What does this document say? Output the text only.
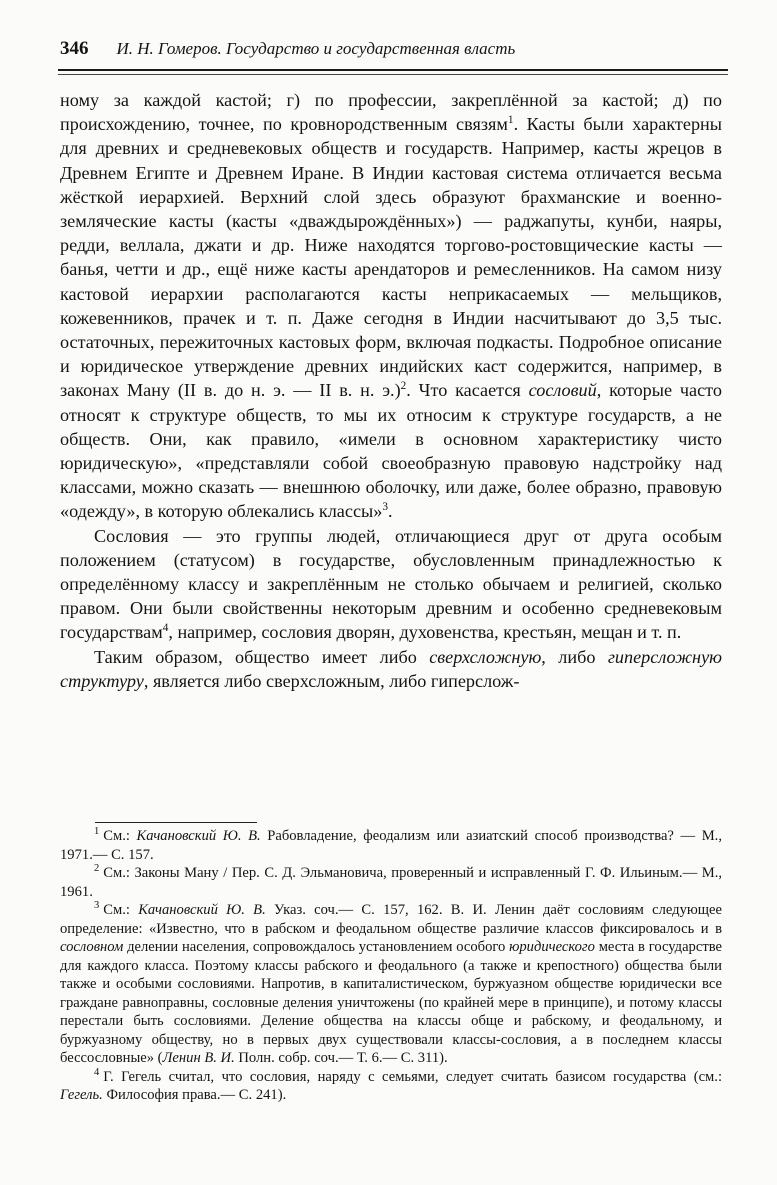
346 И. Н. Гомеров. Государство и государственная власть

ному за каждой кастой; г) по профессии, закреплённой за кастой; д) по происхождению, точнее, по кровнородственным связям$^1$. Касты были характерны для древних и средневековых обществ и государств. Например, касты жрецов в Древнем Египте и Древнем Иране. В Индии кастовая система отличается весьма жёсткой иерархией. Верхний слой здесь образуют брахманские и военно-земляческие касты (касты «дваждырождённых») — раджапуты, кунби, наяры, редди, веллала, джати и др. Ниже находятся торгово-ростовщические касты — банья, четти и др., ещё ниже касты арендаторов и ремесленников. На самом низу кастовой иерархии располагаются касты неприкасаемых — мельщиков, кожевенников, прачек и т. п. Даже сегодня в Индии насчитывают до 3,5 тыс. остаточных, пережиточных кастовых форм, включая подкасты. Подробное описание и юридическое утверждение древних индийских каст содержится, например, в законах Ману (II в. до н. э. — II в. н. э.)$^2$. Что касается сословий, которые часто относят к структуре обществ, то мы их относим к структуре государств, а не обществ. Они, как правило, «имели в основном характеристику чисто юридическую», «представляли собой своеобразную правовую надстройку над классами, можно сказать — внешнюю оболочку, или даже, более образно, правовую «одежду», в которую облекались классы»$^3$.

Сословия — это группы людей, отличающиеся друг от друга особым положением (статусом) в государстве, обусловленным принадлежностью к определённому классу и закреплённым не столько обычаем и религией, сколько правом. Они были свойственны некоторым древним и особенно средневековым государствам$^4$, например, сословия дворян, духовенства, крестьян, мещан и т. п.

Таким образом, общество имеет либо сверхсложную, либо гиперсложную структуру, является либо сверхсложным, либо гиперслож-

$^1$ См.: Качановский Ю. В. Рабовладение, феодализм или азиатский способ производства? — М., 1971.— С. 157.

$^2$ См.: Законы Ману / Пер. С. Д. Эльмановича, проверенный и исправленный Г. Ф. Ильиным.— М., 1961.

$^3$ См.: Качановский Ю. В. Указ. соч.— С. 157, 162. В. И. Ленин даёт сословиям следующее определение: «Известно, что в рабском и феодальном обществе различие классов фиксировалось и в сословном делении населения, сопровождалось установлением особого юридического места в государстве для каждого класса. Поэтому классы рабского и феодального (а также и крепостного) общества были также и особыми сословиями. Напротив, в капиталистическом, буржуазном обществе юридически все граждане равноправны, сословные деления уничтожены (по крайней мере в принципе), и потому классы перестали быть сословиями. Деление общества на классы обще и рабскому, и феодальному, и буржуазному обществу, но в первых двух существовали классы-сословия, а в последнем классы бессословные» (Ленин В. И. Полн. собр. соч.— Т. 6.— С. 311).

$^4$ Г. Гегель считал, что сословия, наряду с семьями, следует считать базисом государства (см.: Гегель. Философия права.— С. 241).
